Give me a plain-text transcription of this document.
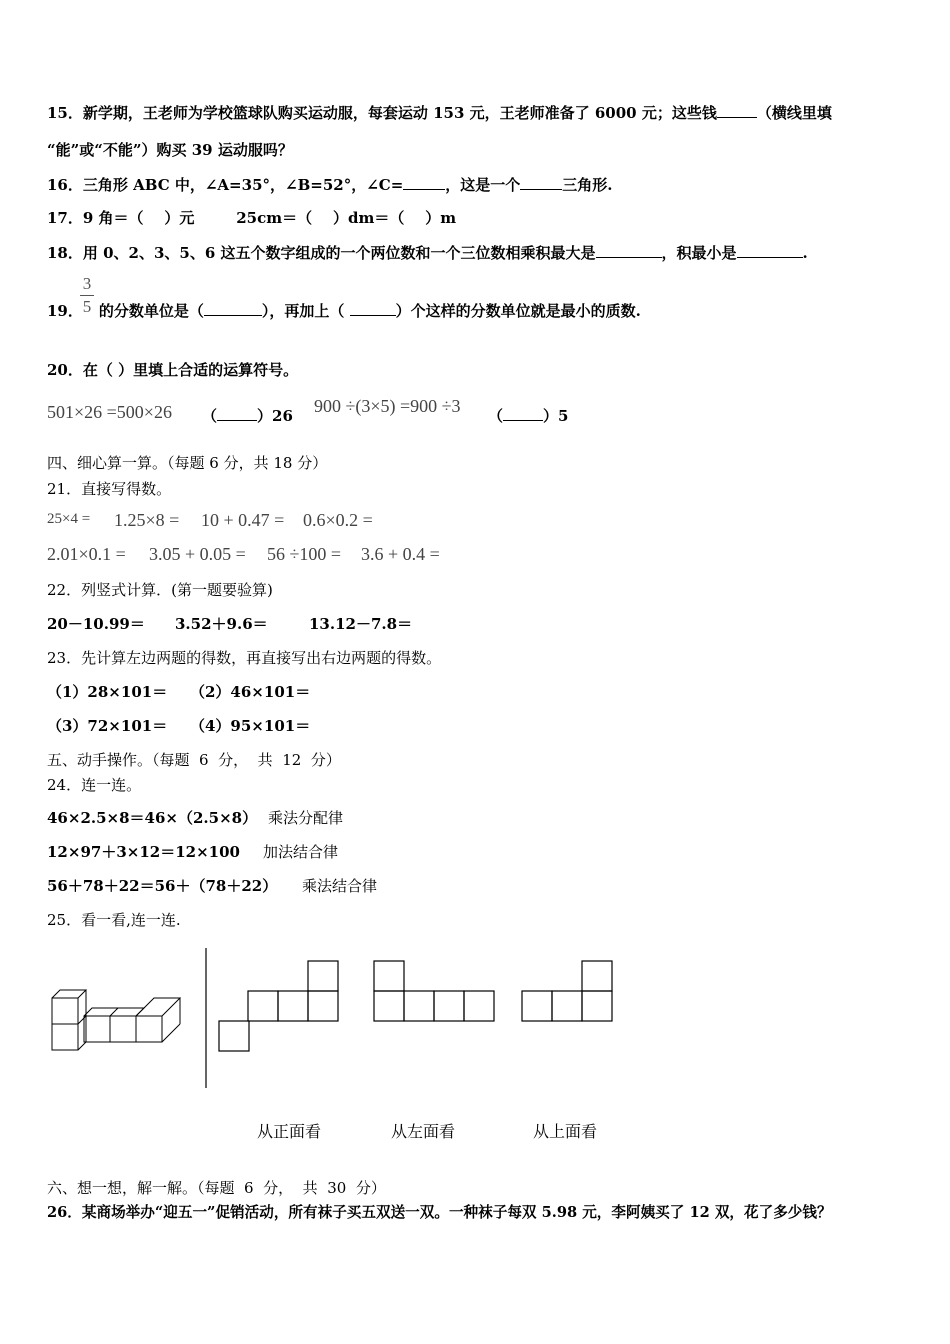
15．新学期，王老师为学校篮球队购买运动服，每套运动 153 元，王老师准备了 6000 元；这些钱	（横线里填
“能”或“不能”）购买 39 运动服吗？
16．三角形 ABC 中，∠A=35°，∠B=52°，∠C=	，这是一个	三角形.
17．9 角＝（    ）元        25cm＝（    ）dm＝（    ）m
18．用 0、2、3、5、6 这五个数字组成的一个两位数和一个三位数相乘积最大是	，积最小是	.
3
5
19． 的分数单位是（	），再加上（	）个这样的分数单位就是最小的质数.
20．在（ ）里填上合适的运算符号。
501×26 =500×26 （	）26 900 ÷(3×5) =900 ÷3 （	）5
四、细心算一算。（每题 6 分，共 18 分）
21．直接写得数。
25×4 = 1.25×8 = 10 + 0.47 = 0.6×0.2 =
2.01×0.1 = 3.05 + 0.05 = 56 ÷100 = 3.6 + 0.4 =
22．列竖式计算．(第一题要验算)
20－10.99＝ 3.52＋9.6＝	13.12－7.8＝
23．先计算左边两题的得数，再直接写出右边两题的得数。
（1）28×101＝ （2）46×101＝
（3）72×101＝ （4）95×101＝
五、动手操作。（每题  6  分，  共  12  分）
24．连一连。
46×2.5×8＝46×（2.5×8） 乘法分配律
12×97＋3×12＝12×100 加法结合律
56＋78＋22＝56＋（78＋22） 乘法结合律
25．看一看,连一连.
从正面看	从左面看	从上面看
六、想一想，解一解。（每题  6  分，  共  30  分）
26．某商场举办“迎五一”促销活动，所有袜子买五双送一双。一种袜子每双 5.98 元，李阿姨买了 12 双，花了多少钱？
